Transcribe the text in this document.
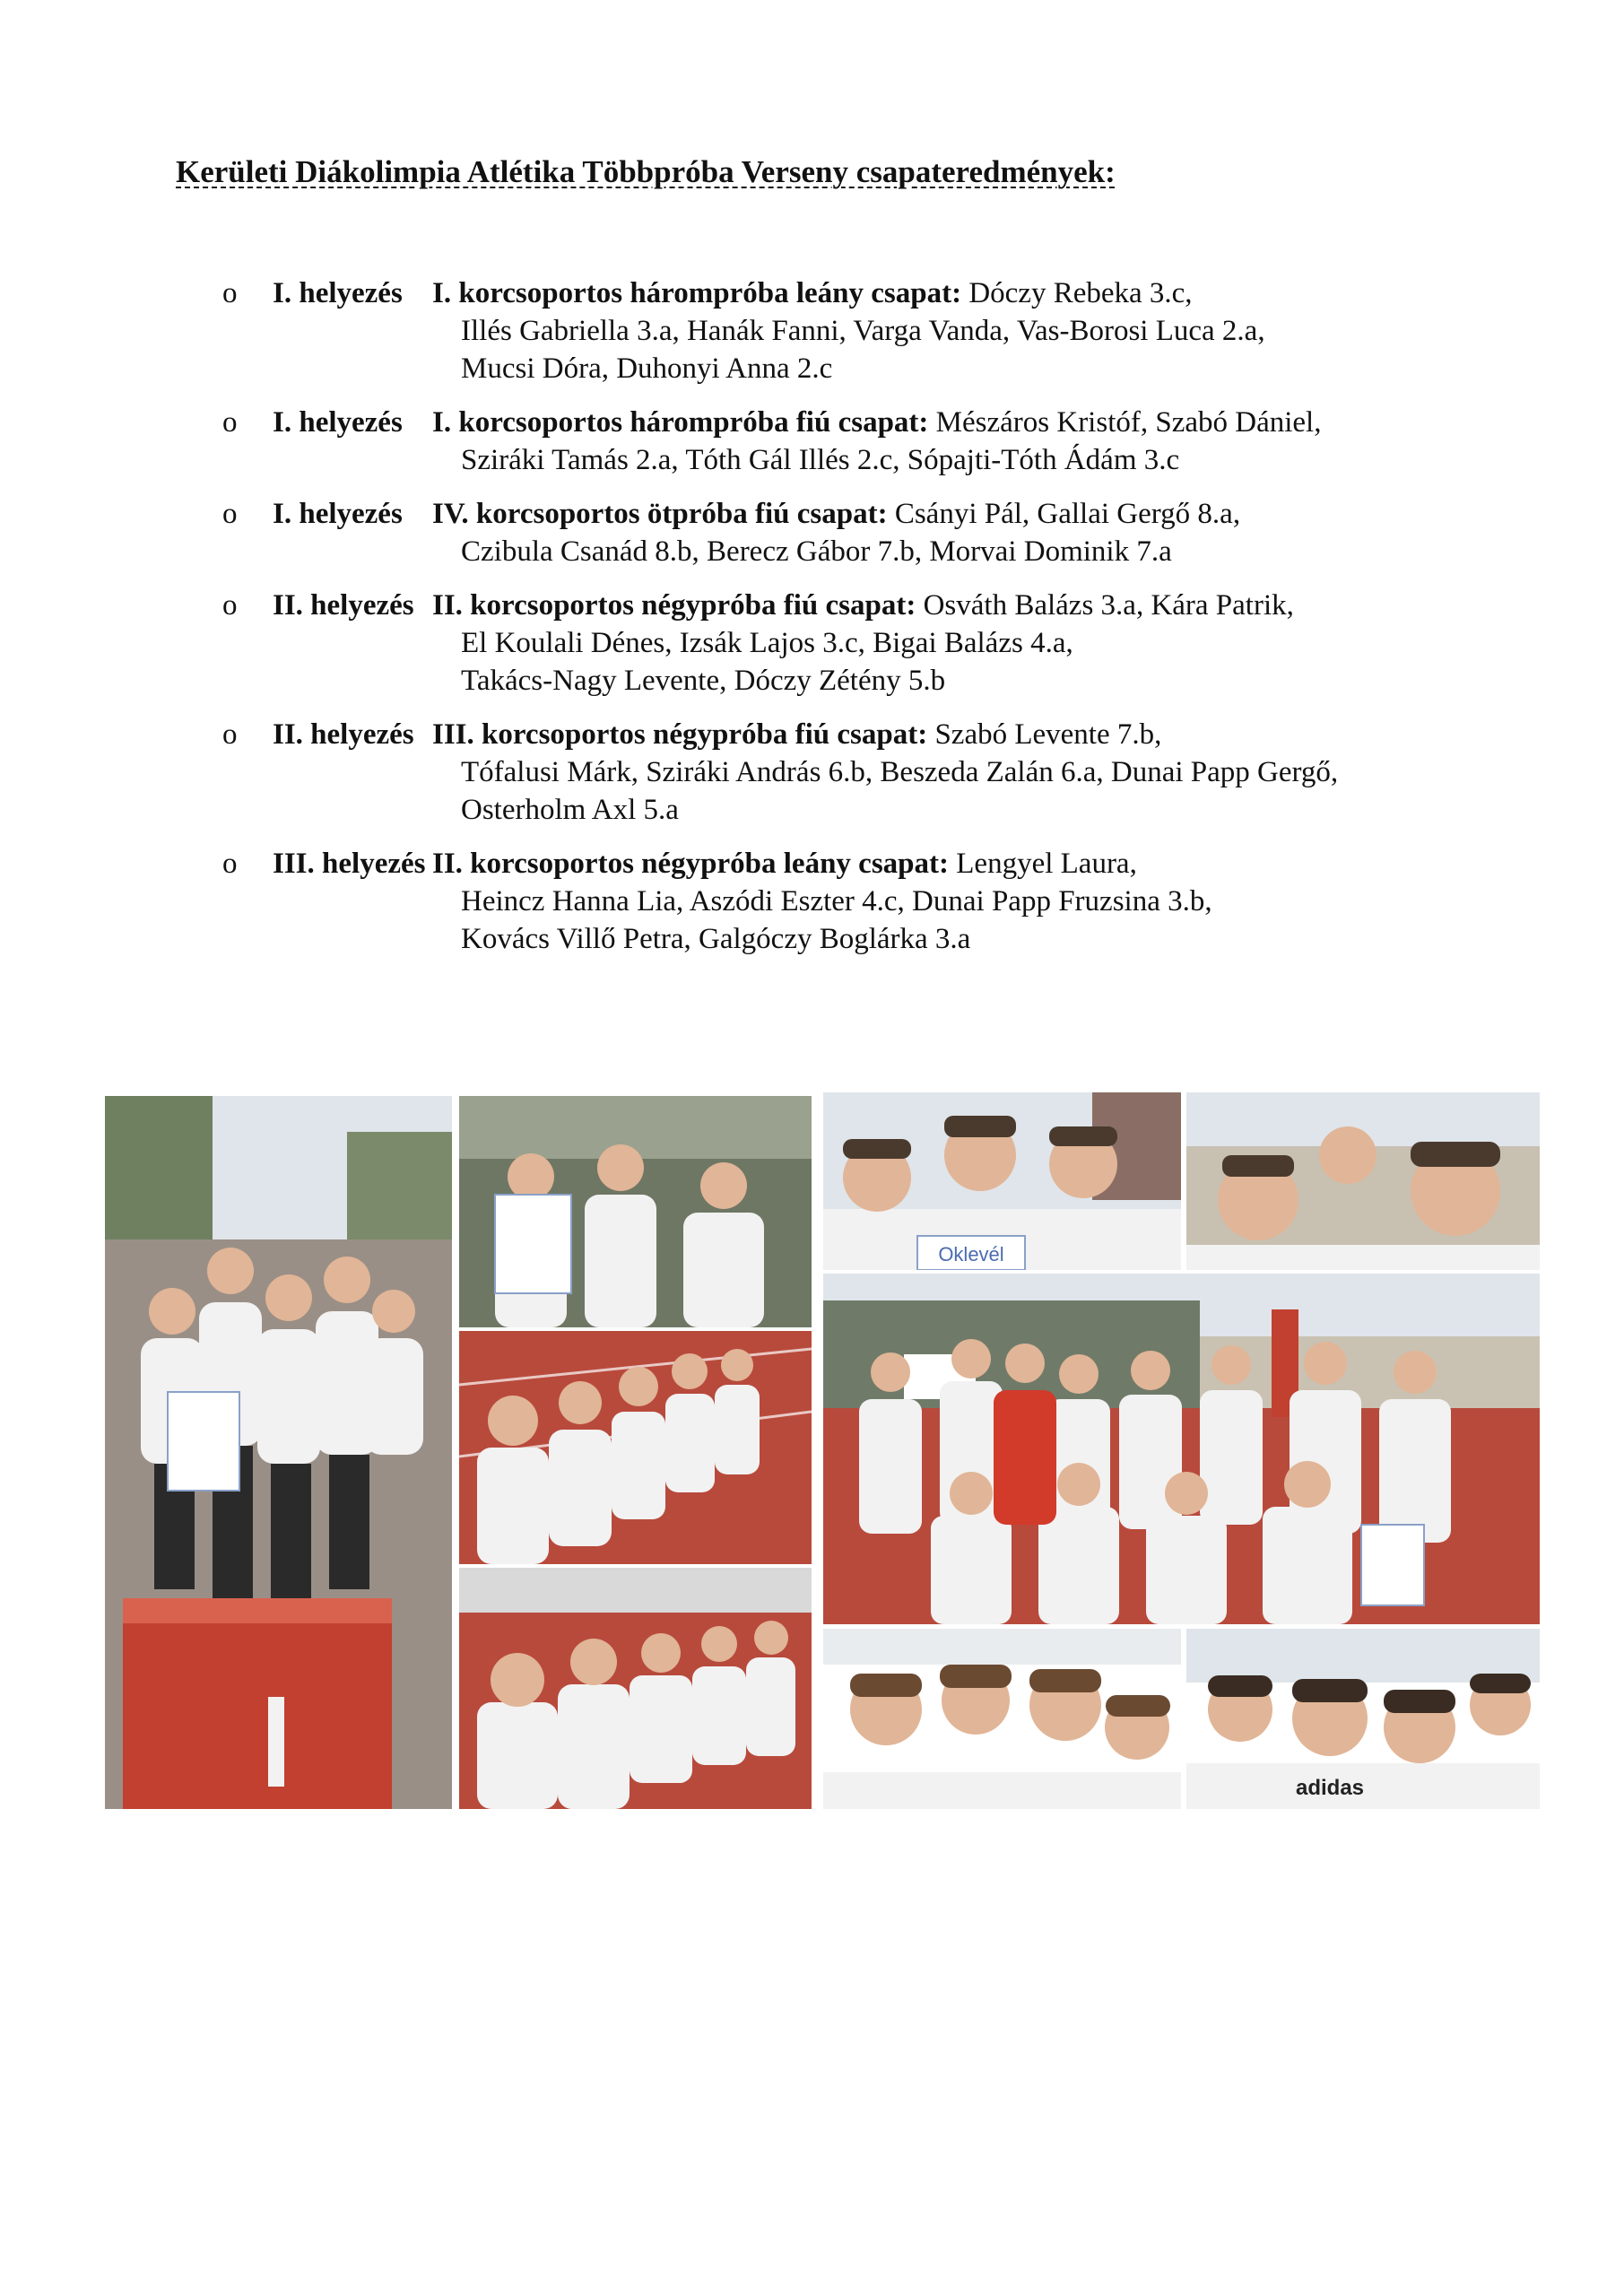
Kerületi Diákolimpia Atlétika Többpróba Verseny csapateredmények:
o	I. helyezés I. korcsoportos hárompróba leány csapat: Dóczy Rebeka 3.c,
Illés Gabriella 3.a, Hanák Fanni, Varga Vanda, Vas-Borosi Luca 2.a,
Mucsi Dóra, Duhonyi Anna 2.c
o	I. helyezés I. korcsoportos hárompróba fiú csapat: Mészáros Kristóf, Szabó Dániel,
Sziráki Tamás 2.a, Tóth Gál Illés 2.c, Sópajti-Tóth Ádám 3.c
o	I. helyezés IV. korcsoportos ötpróba fiú csapat: Csányi Pál, Gallai Gergő 8.a,
Czibula Csanád 8.b, Berecz Gábor 7.b, Morvai Dominik 7.a
o	II. helyezés II. korcsoportos négypróba fiú csapat: Osváth Balázs 3.a, Kára Patrik,
El Koulali Dénes, Izsák Lajos 3.c, Bigai Balázs 4.a,
Takács-Nagy Levente, Dóczy Zétény 5.b
o	II. helyezés III. korcsoportos négypróba fiú csapat: Szabó Levente 7.b,
Tófalusi Márk, Sziráki András 6.b, Beszeda Zalán 6.a, Dunai Papp Gergő,
Osterholm Axl 5.a
o	III. helyezés II. korcsoportos négypróba leány csapat: Lengyel Laura,
Heincz Hanna Lia, Aszódi Eszter 4.c, Dunai Papp Fruzsina 3.b,
Kovács Villő Petra, Galgóczy Boglárka 3.a
Oklevél
adidas
